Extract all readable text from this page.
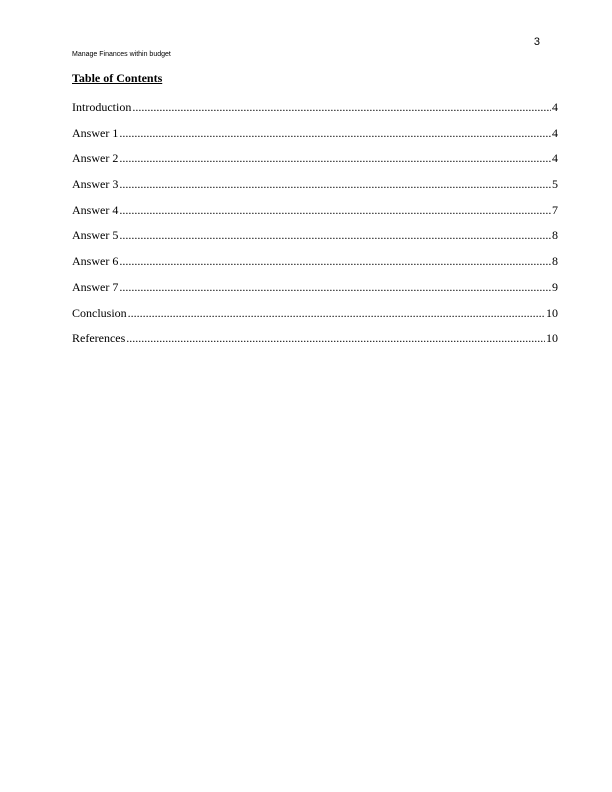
3
Manage Finances within budget
Table of Contents
Introduction .....	4
Answer 1 .....	4
Answer 2 .....	4
Answer 3 .....	5
Answer 4 .....	7
Answer 5 .....	8
Answer 6 .....	8
Answer 7 .....	9
Conclusion .....	10
References .....	10
